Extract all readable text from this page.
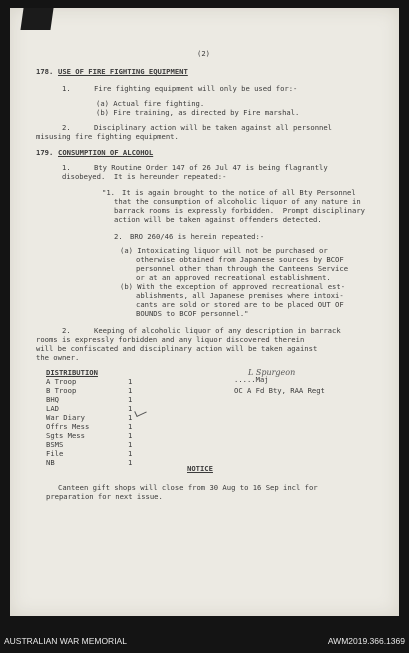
(2)
178. USE OF FIRE FIGHTING EQUIPMENT
1.	Fire fighting equipment will only be used for:-
(a) Actual fire fighting.
(b) Fire training, as directed by Fire marshal.
2.	Disciplinary action will be taken against all personnel
misusing fire fighting equipment.
179. CONSUMPTION OF ALCOHOL
1.	Bty Routine Order 147 of 26 Jul 47 is being flagrantly
disobeyed.  It is hereunder repeated:-
"1. It is again brought to the notice of all Bty Personnel
that the consumption of alcoholic liquor of any nature in
barrack rooms is expressly forbidden.  Prompt disciplinary
action will be taken against offenders detected.
2. BRO 260/46 is herein repeated:-
(a) Intoxicating liquor will not be purchased or
otherwise obtained from Japanese sources by BCOF
personnel other than through the Canteens Service
or at an approved recreational establishment.
(b) With the exception of approved recreational est-
ablishments, all Japanese premises where intoxi-
cants are sold or stored are to be placed OUT OF
BOUNDS to BCOF personnel."
2.	Keeping of alcoholic liquor of any description in barrack
rooms is expressly forbidden and any liquor discovered therein
will be confiscated and disciplinary action will be taken against
the owner.
L Spurgeon
.....Maj
OC A Fd Bty, RAA Regt
DISTRIBUTION
A Troop	1
B Troop	1
BHQ	1
LAD	1
War Diary	1
Offrs Mess	1
Sgts Mess	1
BSMS	1
File	1
NB	1
NOTICE
Canteen gift shops will close from 30 Aug to 16 Sep incl for
preparation for next issue.
AUSTRALIAN WAR MEMORIAL	AWM2019.366.1369
